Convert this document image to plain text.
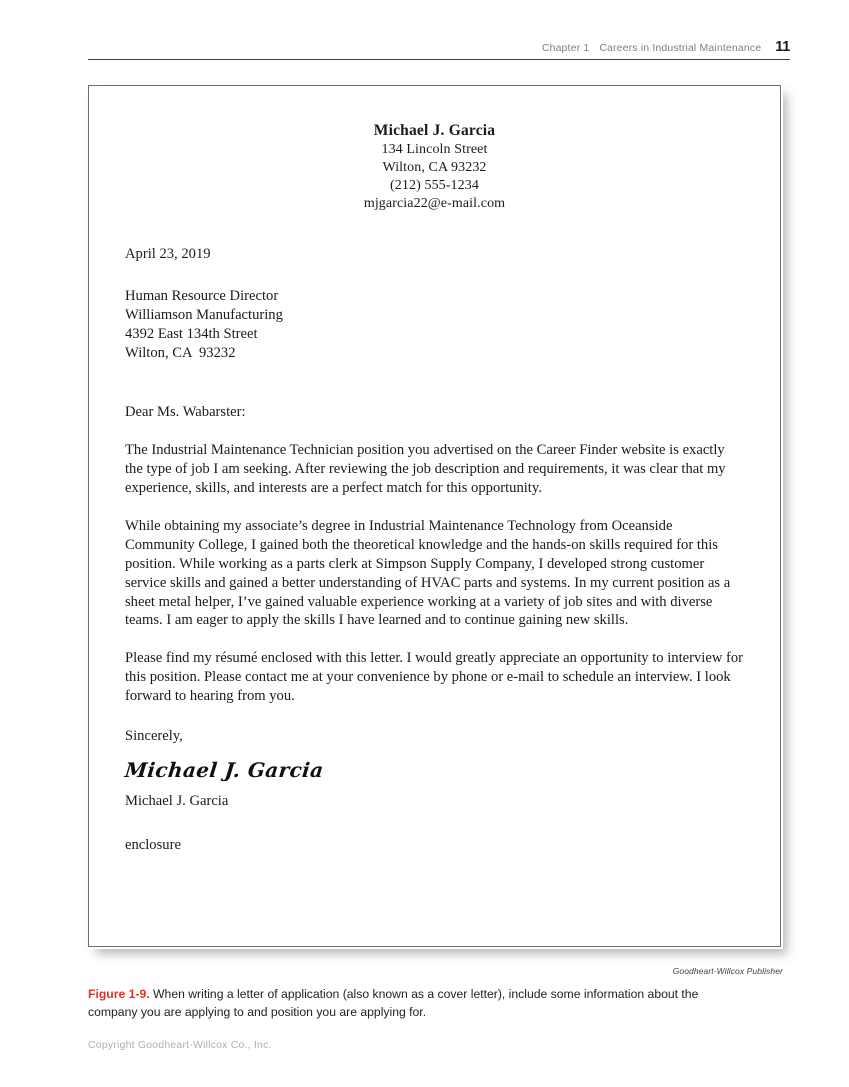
Chapter 1 Careers in Industrial Maintenance 11
Michael J. Garcia
134 Lincoln Street
Wilton, CA 93232
(212) 555-1234
mjgarcia22@e-mail.com
April 23, 2019
Human Resource Director
Williamson Manufacturing
4392 East 134th Street
Wilton, CA  93232
Dear Ms. Wabarster:

The Industrial Maintenance Technician position you advertised on the Career Finder website is exactly the type of job I am seeking. After reviewing the job description and requirements, it was clear that my experience, skills, and interests are a perfect match for this opportunity.

While obtaining my associate’s degree in Industrial Maintenance Technology from Oceanside Community College, I gained both the theoretical knowledge and the hands-on skills required for this position. While working as a parts clerk at Simpson Supply Company, I developed strong customer service skills and gained a better understanding of HVAC parts and systems. In my current position as a sheet metal helper, I’ve gained valuable experience working at a variety of job sites and with diverse teams. I am eager to apply the skills I have learned and to continue gaining new skills.

Please find my résumé enclosed with this letter. I would greatly appreciate an opportunity to interview for this position. Please contact me at your convenience by phone or e-mail to schedule an interview. I look forward to hearing from you.

Sincerely,
Michael J. Garcia
Michael J. Garcia
enclosure
Goodheart-Willcox Publisher
Figure 1-9. When writing a letter of application (also known as a cover letter), include some information about the company you are applying to and position you are applying for.
Copyright Goodheart-Willcox Co., Inc.
